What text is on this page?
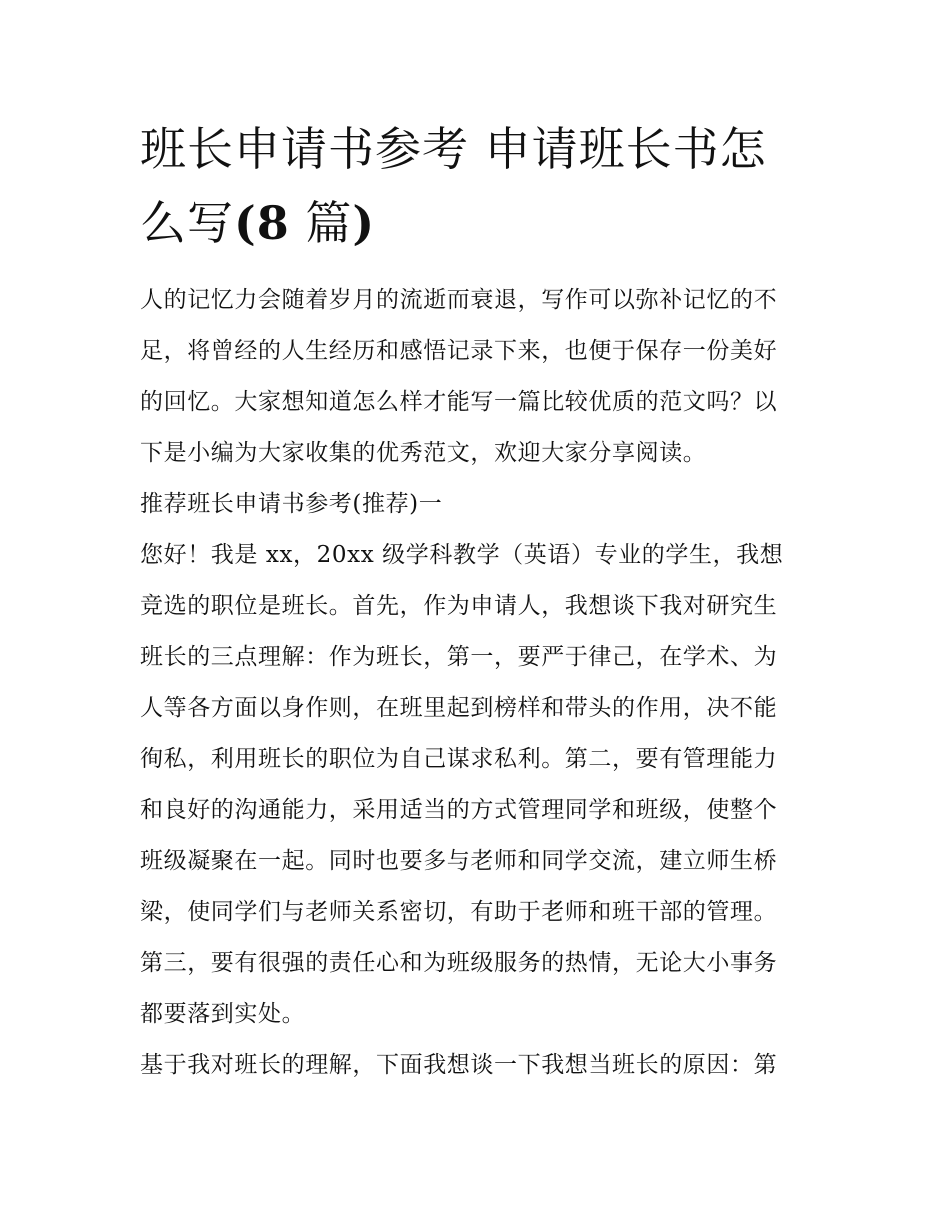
班长申请书参考 申请班长书怎
么写(8 篇)
人的记忆力会随着岁月的流逝而衰退，写作可以弥补记忆的不
足，将曾经的人生经历和感悟记录下来，也便于保存一份美好
的回忆。大家想知道怎么样才能写一篇比较优质的范文吗？以
下是小编为大家收集的优秀范文，欢迎大家分享阅读。
推荐班长申请书参考(推荐)一
您好！我是 xx，20xx 级学科教学（英语）专业的学生，我想
竞选的职位是班长。首先，作为申请人，我想谈下我对研究生
班长的三点理解：作为班长，第一，要严于律己，在学术、为
人等各方面以身作则，在班里起到榜样和带头的作用，决不能
徇私，利用班长的职位为自己谋求私利。第二，要有管理能力
和良好的沟通能力，采用适当的方式管理同学和班级，使整个
班级凝聚在一起。同时也要多与老师和同学交流，建立师生桥
梁，使同学们与老师关系密切，有助于老师和班干部的管理。
第三，要有很强的责任心和为班级服务的热情，无论大小事务
都要落到实处。
基于我对班长的理解，下面我想谈一下我想当班长的原因：第
